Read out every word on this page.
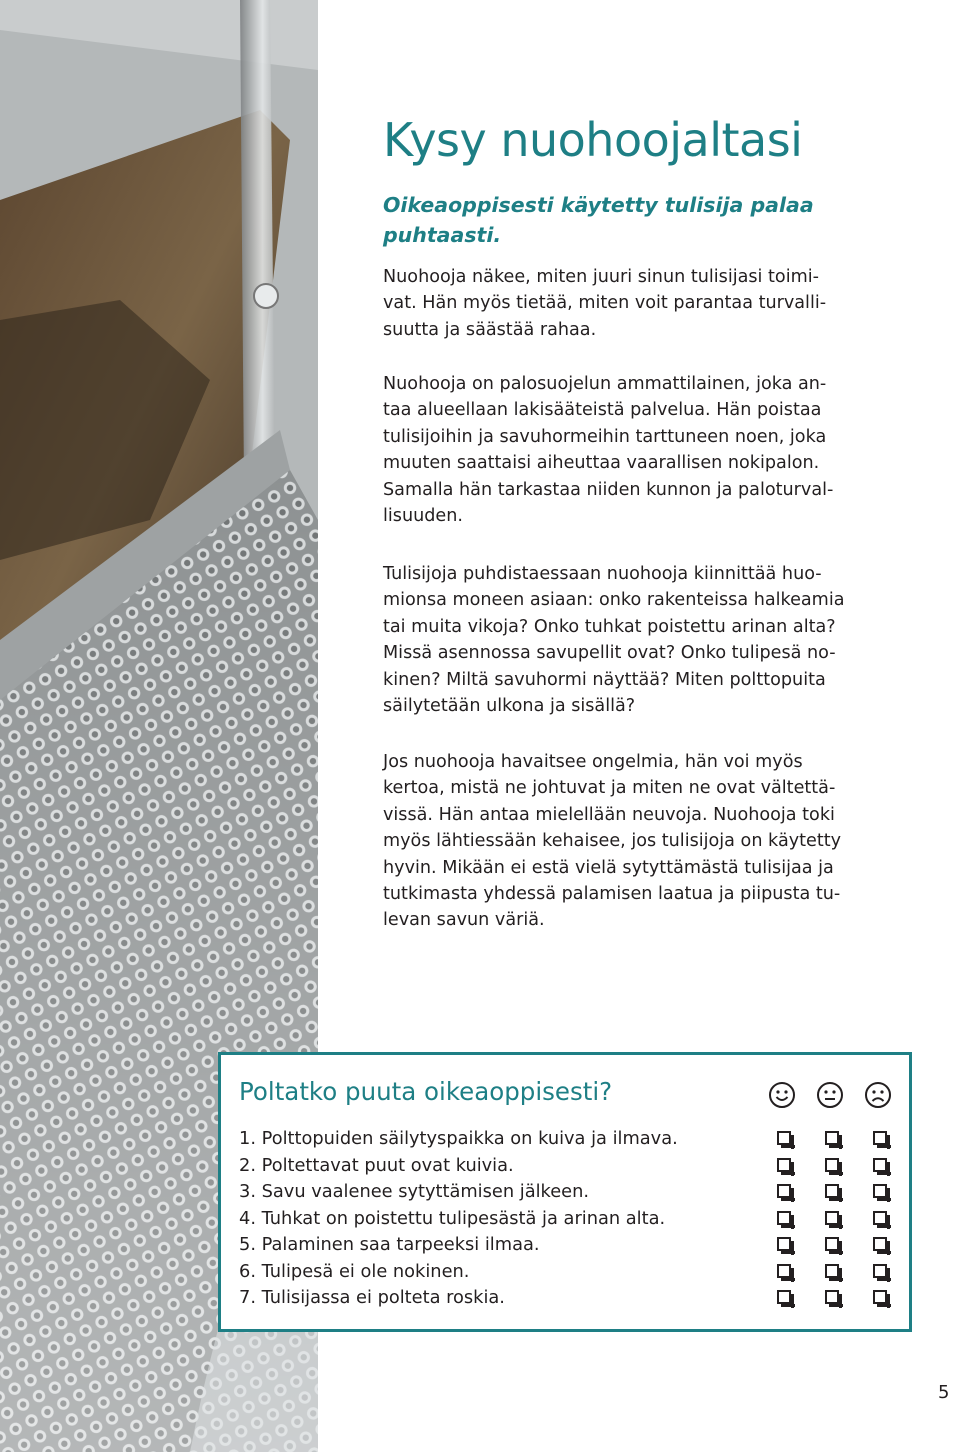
Kysy nuohoojaltasi

Oikeaoppisesti käytetty tulisija palaa
puhtaasti.

Nuohooja näkee, miten juuri sinun tulisijasi toimi-
vat. Hän myös tietää, miten voit parantaa turvalli-
suutta ja säästää rahaa.

Nuohooja on palosuojelun ammattilainen, joka an-
taa alueellaan lakisääteistä palvelua. Hän poistaa
tulisijoihin ja savuhormeihin tarttuneen noen, joka
muuten saattaisi aiheuttaa vaarallisen nokipalon.
Samalla hän tarkastaa niiden kunnon ja paloturval-
lisuuden.

Tulisijoja puhdistaessaan nuohooja kiinnittää huo-
mionsa moneen asiaan: onko rakenteissa halkeamia
tai muita vikoja? Onko tuhkat poistettu arinan alta?
Missä asennossa savupellit ovat? Onko tulipesä no-
kinen? Miltä savuhormi näyttää? Miten polttopuita
säilytetään ulkona ja sisällä?

Jos nuohooja havaitsee ongelmia, hän voi myös
kertoa, mistä ne johtuvat ja miten ne ovat vältettä-
vissä. Hän antaa mielellään neuvoja. Nuohooja toki
myös lähtiessään kehaisee, jos tulisijoja on käytetty
hyvin. Mikään ei estä vielä sytyttämästä tulisijaa ja
tutkimasta yhdessä palamisen laatua ja piipusta tu-
levan savun väriä.

Poltatko puuta oikeaoppisesti?
1. Polttopuiden säilytyspaikka on kuiva ja ilmava.
2. Poltettavat puut ovat kuivia.
3. Savu vaalenee sytyttämisen jälkeen.
4. Tuhkat on poistettu tulipesästä ja arinan alta.
5. Palaminen saa tarpeeksi ilmaa.
6. Tulipesä ei ole nokinen.
7. Tulisijassa ei polteta roskia.

5
